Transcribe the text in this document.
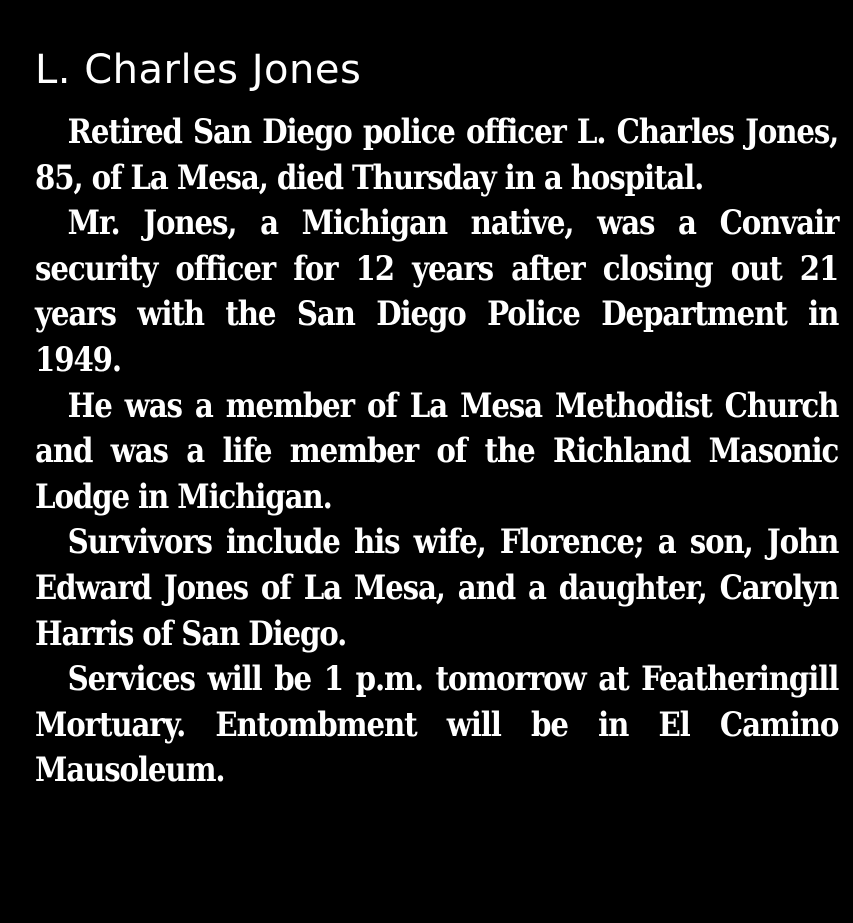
L. Charles Jones

Retired San Diego police officer L. Charles Jones, 85, of La Mesa, died Thursday in a hospital.

Mr. Jones, a Michigan native, was a Convair security officer for 12 years after closing out 21 years with the San Diego Police Department in 1949.

He was a member of La Mesa Methodist Church and was a life member of the Richland Masonic Lodge in Michigan.

Survivors include his wife, Florence; a son, John Edward Jones of La Mesa, and a daughter, Carolyn Harris of San Diego.

Services will be 1 p.m. tomorrow at Featheringill Mortuary. Entombment will be in El Camino Mausoleum.
